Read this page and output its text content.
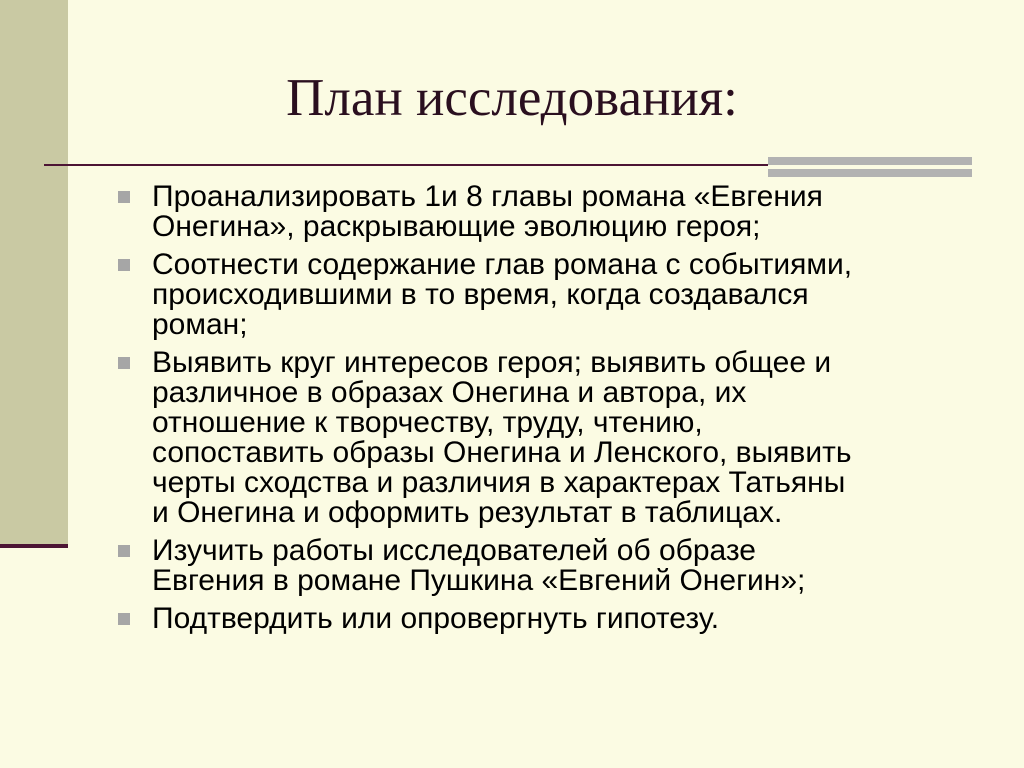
План исследования:
Проанализировать 1и 8 главы романа «Евгения
Онегина», раскрывающие эволюцию героя;
Соотнести содержание глав романа с событиями,
происходившими в то время, когда создавался
роман;
Выявить круг интересов героя; выявить общее и
различное в образах Онегина и автора, их
отношение к творчеству, труду, чтению,
сопоставить образы Онегина и Ленского, выявить
черты сходства и различия в характерах Татьяны
и Онегина и оформить результат в таблицах.
Изучить работы исследователей об образе
Евгения в романе Пушкина «Евгений Онегин»;
Подтвердить или опровергнуть гипотезу.
